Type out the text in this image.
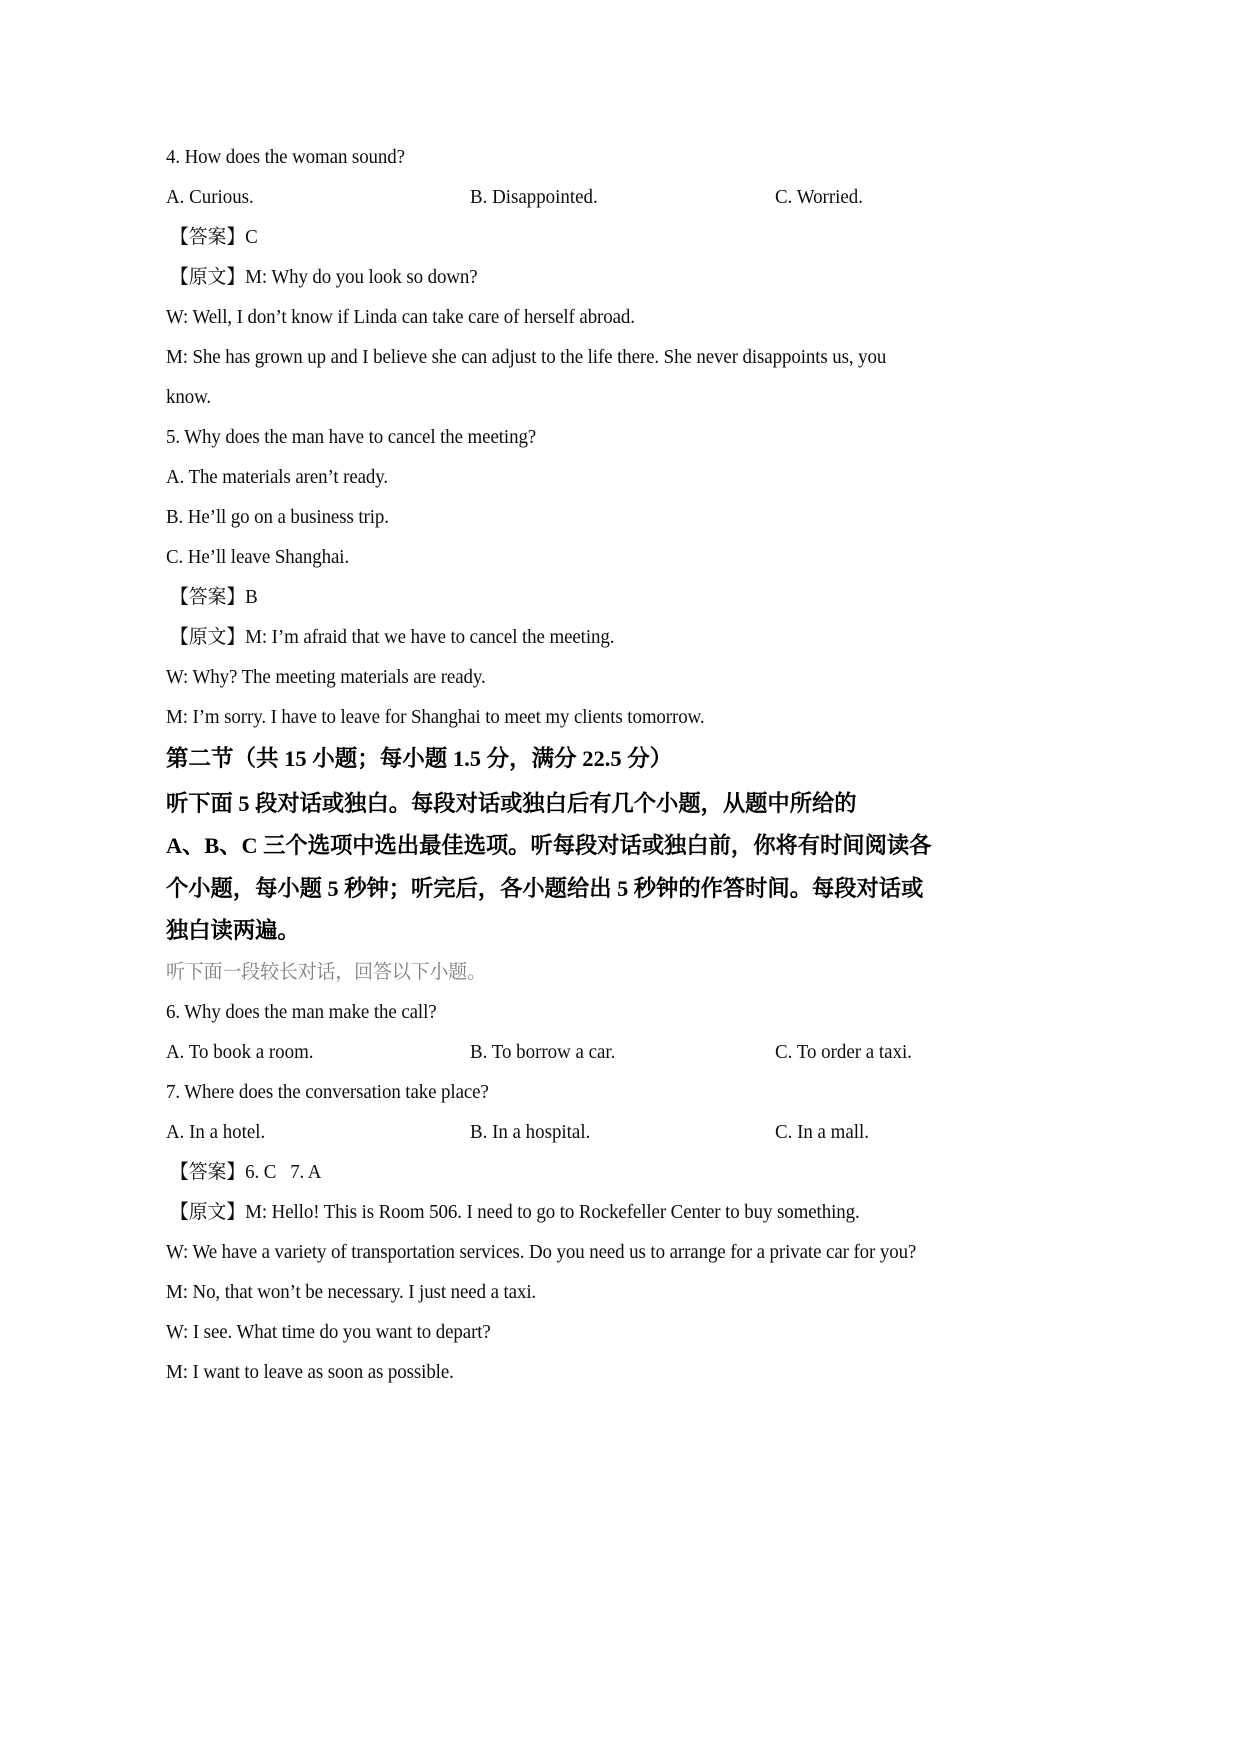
4. How does the woman sound?
A. Curious.	B. Disappointed.	C. Worried.
【答案】C
【原文】M: Why do you look so down?
W: Well, I don’t know if Linda can take care of herself abroad.
M: She has grown up and I believe she can adjust to the life there. She never disappoints us, you
know.
5. Why does the man have to cancel the meeting?
A. The materials aren’t ready.
B. He’ll go on a business trip.
C. He’ll leave Shanghai.
【答案】B
【原文】M: I’m afraid that we have to cancel the meeting.
W: Why? The meeting materials are ready.
M: I’m sorry. I have to leave for Shanghai to meet my clients tomorrow.
第二节（共 15 小题；每小题 1.5 分，满分 22.5 分）
听下面 5 段对话或独白。每段对话或独白后有几个小题，从题中所给的
A、B、C 三个选项中选出最佳选项。听每段对话或独白前，你将有时间阅读各
个小题，每小题 5 秒钟；听完后，各小题给出 5 秒钟的作答时间。每段对话或
独白读两遍。
听下面一段较长对话，回答以下小题。
6. Why does the man make the call?
A. To book a room.	B. To borrow a car.	C. To order a taxi.
7. Where does the conversation take place?
A. In a hotel.	B. In a hospital.	C. In a mall.
【答案】6. C   7. A
【原文】M: Hello! This is Room 506. I need to go to Rockefeller Center to buy something.
W: We have a variety of transportation services. Do you need us to arrange for a private car for you?
M: No, that won’t be necessary. I just need a taxi.
W: I see. What time do you want to depart?
M: I want to leave as soon as possible.
